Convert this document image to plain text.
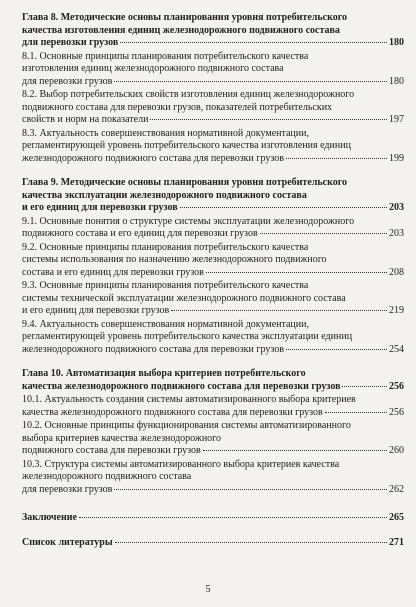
Глава 8. Методические основы планирования уровня потребительского
качества изготовления единиц железнодорожного подвижного состава
для перевозки грузов	180
8.1. Основные принципы планирования потребительского качества
изготовления единиц железнодорожного подвижного состава
для перевозки грузов	180
8.2. Выбор потребительских свойств изготовления единиц железнодорожного
подвижного состава для перевозки грузов, показателей потребительских
свойств и норм на показатели	197
8.3. Актуальность совершенствования нормативной документации,
регламентирующей уровень потребительского качества изготовления единиц
железнодорожного подвижного состава для перевозки грузов	199
Глава 9. Методические основы планирования уровня потребительского
качества эксплуатации железнодорожного подвижного состава
и его единиц для перевозки грузов	203
9.1. Основные понятия о структуре системы эксплуатации железнодорожного
подвижного состава и его единиц для перевозки грузов	203
9.2. Основные принципы планирования потребительского качества
системы использования по назначению железнодорожного подвижного
состава и его единиц для перевозки грузов	208
9.3. Основные принципы планирования потребительского качества
системы технической эксплуатации железнодорожного подвижного состава
и его единиц для перевозки грузов	219
9.4. Актуальность совершенствования нормативной документации,
регламентирующей уровень потребительского качества эксплуатации единиц
железнодорожного подвижного состава для перевозки грузов	254
Глава 10. Автоматизация выбора критериев потребительского
качества железнодорожного подвижного состава для перевозки грузов	256
10.1. Актуальность создания системы автоматизированного выбора критериев
качества железнодорожного подвижного состава для перевозки грузов	256
10.2. Основные принципы функционирования системы автоматизированного
выбора критериев качества железнодорожного
подвижного состава для перевозки грузов	260
10.3. Структура системы автоматизированного выбора критериев качества
железнодорожного подвижного состава
для перевозки грузов	262
Заключение	265
Список литературы	271
5
